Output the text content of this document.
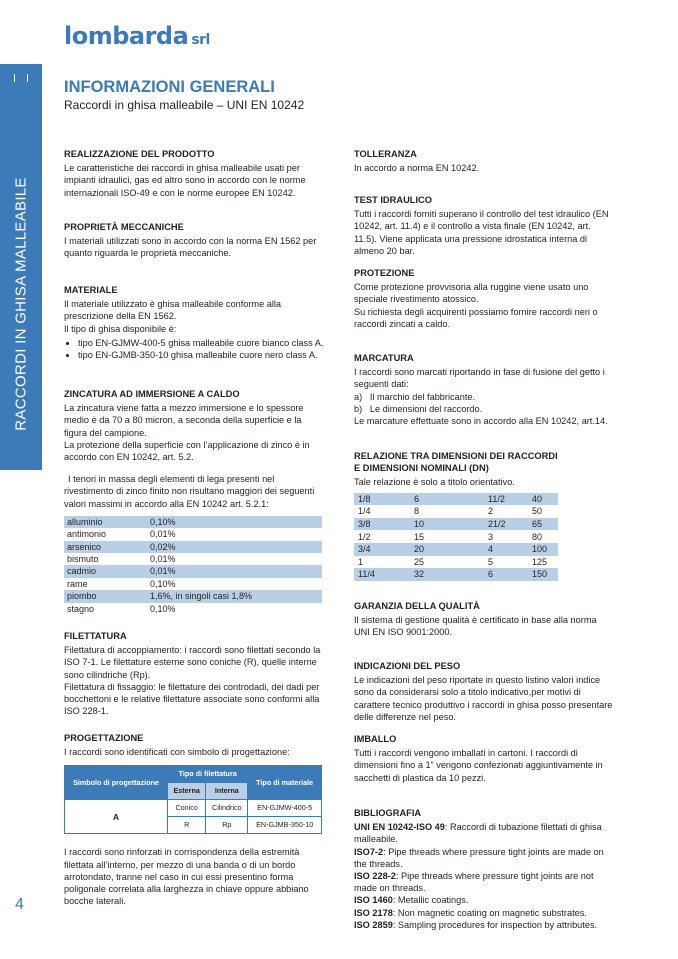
lombarda srl
RACCORDI IN GHISA MALLEABILE
4
INFORMAZIONI GENERALI
Raccordi in ghisa malleabile – UNI EN 10242
REALIZZAZIONE DEL PRODOTTO

Le caratteristiche dei raccordi in ghisa malleabile usati per impianti idraulici, gas ed altro sono in accordo con le norme internazionali ISO-49 e con le norme europee EN 10242.

PROPRIETÀ MECCANICHE

I materiali utilizzati sono in accordo con la norma EN 1562 per quanto riguarda le proprietà meccaniche.

MATERIALE

Il materiale utilizzato è ghisa malleabile conforme alla prescrizione della EN 1562.

Il tipo di ghisa disponibile è:

• tipo EN-GJMW-400-5 ghisa malleabile cuore bianco class A.
• tipo EN-GJMB-350-10 ghisa malleabile cuore nero class A.
ZINCATURA AD IMMERSIONE A CALDO

La zincatura viene fatta a mezzo immersione e lo spessore medio è da 70 a 80 micron, a seconda della superficie e la figura del campione.

La protezione della superficie con l’applicazione di zinco è in accordo con EN 10242, art. 5.2.

I tenori in massa degli elementi di lega presenti nel rivestimento di zinco finito non risultano maggiori dei seguenti valori massimi in accordo alla EN 10242 art. 5.2.1:

alluminio	0,10%
antimonio	0,01%
arsenico	0,02%
bismuto	0,01%
cadmio	0,01%
rame	0,10%
piombo	1,6%, in singoli casi 1,8%
stagno	0,10%
FILETTATURA

Filettatura di accoppiamento: i raccordi sono filettati secondo la ISO 7-1. Le filettature esterne sono coniche (R), quelle interne sono cilindriche (Rp).

Filettatura di fissaggio: le filettature dei controdadi, dei dadi per bocchettoni e le relative filettature associate sono conformi alla ISO 228-1.

PROGETTAZIONE

I raccordi sono identificati con simbolo di progettazione:

Simbolo di progettazione	Tipo di filettatura		Tipo di materiale
	Esterna	Interna	
A	Conico	Cilindrico	EN-GJMW-400-5
	R	Rp	EN-GJMB-350-10

I raccordi sono rinforzati in corrispondenza della estremità filettata all’interno, per mezzo di una banda o di un bordo arrotondato, tranne nel caso in cui essi presentino forma poligonale correlata alla larghezza in chiave oppure abbiano bocche laterali.

TOLLERANZA

In accordo a norma EN 10242.

TEST IDRAULICO

Tutti i raccordi forniti superano il controllo del test idraulico (EN 10242, art. 11.4) e il controllo a vista finale (EN 10242, art. 11.5). Viene applicata una pressione idrostatica interna di almeno 20 bar.

PROTEZIONE

Come protezione provvisoria alla ruggine viene usato uno speciale rivestimento atossico.

Su richiesta degli acquirenti possiamo fornire raccordi neri o raccordi zincati a caldo.

MARCATURA

I raccordi sono marcati riportando in fase di fusione del getto i seguenti dati:

a) Il marchio del fabbricante.

b) Le dimensioni del raccordo.

Le marcature effettuate sono in accordo alla EN 10242, art.14.

RELAZIONE TRA DIMENSIONI DEI RACCORDI
E DIMENSIONI NOMINALI (DN)

Tale relazione è solo a titolo orientativo.

1/8	6	11/2	40
1/4	8	2	50
3/8	10	21/2	65
1/2	15	3	80
3/4	20	4	100
1	25	5	125
11/4	32	6	150
GARANZIA DELLA QUALITÀ

Il sistema di gestione qualità è certificato in base alla norma UNI EN ISO 9001:2000.

INDICAZIONI DEL PESO

Le indicazioni del peso riportate in questo listino valori indice sono da considerarsi solo a titolo indicativo,per motivi di carattere tecnico produttivo i raccordi in ghisa posso presentare delle differenze nel peso.

IMBALLO

Tutti i raccordi vengono imballati in cartoni. I raccordi di dimensioni fino a 1” vengono confezionati aggiuntivamente in sacchetti di plastica da 10 pezzi.

BIBLIOGRAFIA

UNI EN 10242-ISO 49: Raccordi di tubazione filettati di ghisa malleabile.

ISO7-2: Pipe threads where pressure tight joints are made on the threads.

ISO 228-2: Pipe threads where pressure tight joints are not made on threads.

ISO 1460: Metallic coatings.

ISO 2178: Non magnetic coating on magnetic substrates.

ISO 2859: Sampling procedures for inspection by attributes.
